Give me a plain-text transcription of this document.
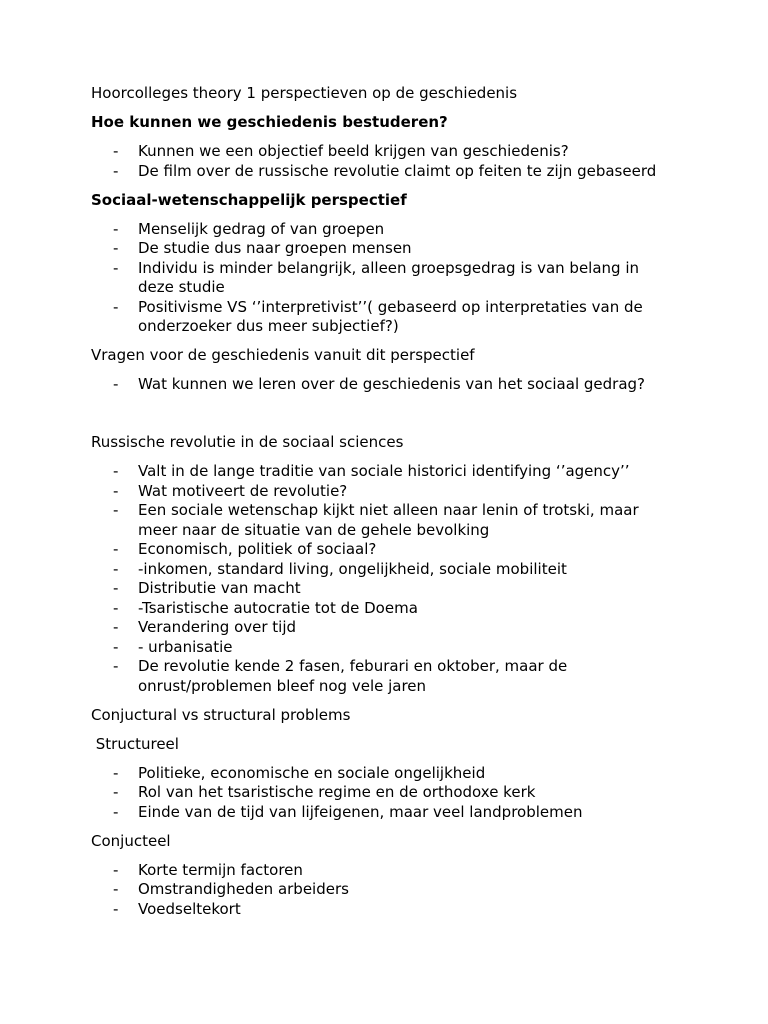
Hoorcolleges theory 1 perspectieven op de geschiedenis

Hoe kunnen we geschiedenis bestuderen?

- Kunnen we een objectief beeld krijgen van geschiedenis?
- De film over de russische revolutie claimt op feiten te zijn gebaseerd

Sociaal-wetenschappelijk perspectief

- Menselijk gedrag of van groepen
- De studie dus naar groepen mensen
- Individu is minder belangrijk, alleen groepsgedrag is van belang in
deze studie
- Positivisme VS ‘’interpretivist’’( gebaseerd op interpretaties van de
onderzoeker dus meer subjectief?)

Vragen voor de geschiedenis vanuit dit perspectief

- Wat kunnen we leren over de geschiedenis van het sociaal gedrag?

Russische revolutie in de sociaal sciences

- Valt in de lange traditie van sociale historici identifying ‘’agency’’
- Wat motiveert de revolutie?
- Een sociale wetenschap kijkt niet alleen naar lenin of trotski, maar
meer naar de situatie van de gehele bevolking
- Economisch, politiek of sociaal?
- -inkomen, standard living, ongelijkheid, sociale mobiliteit
- Distributie van macht
- -Tsaristische autocratie tot de Doema
- Verandering over tijd
- - urbanisatie
- De revolutie kende 2 fasen, feburari en oktober, maar de
onrust/problemen bleef nog vele jaren

Conjuctural vs structural problems

Structureel

- Politieke, economische en sociale ongelijkheid
- Rol van het tsaristische regime en de orthodoxe kerk
- Einde van de tijd van lijfeigenen, maar veel landproblemen

Conjucteel

- Korte termijn factoren
- Omstrandigheden arbeiders
- Voedseltekort
